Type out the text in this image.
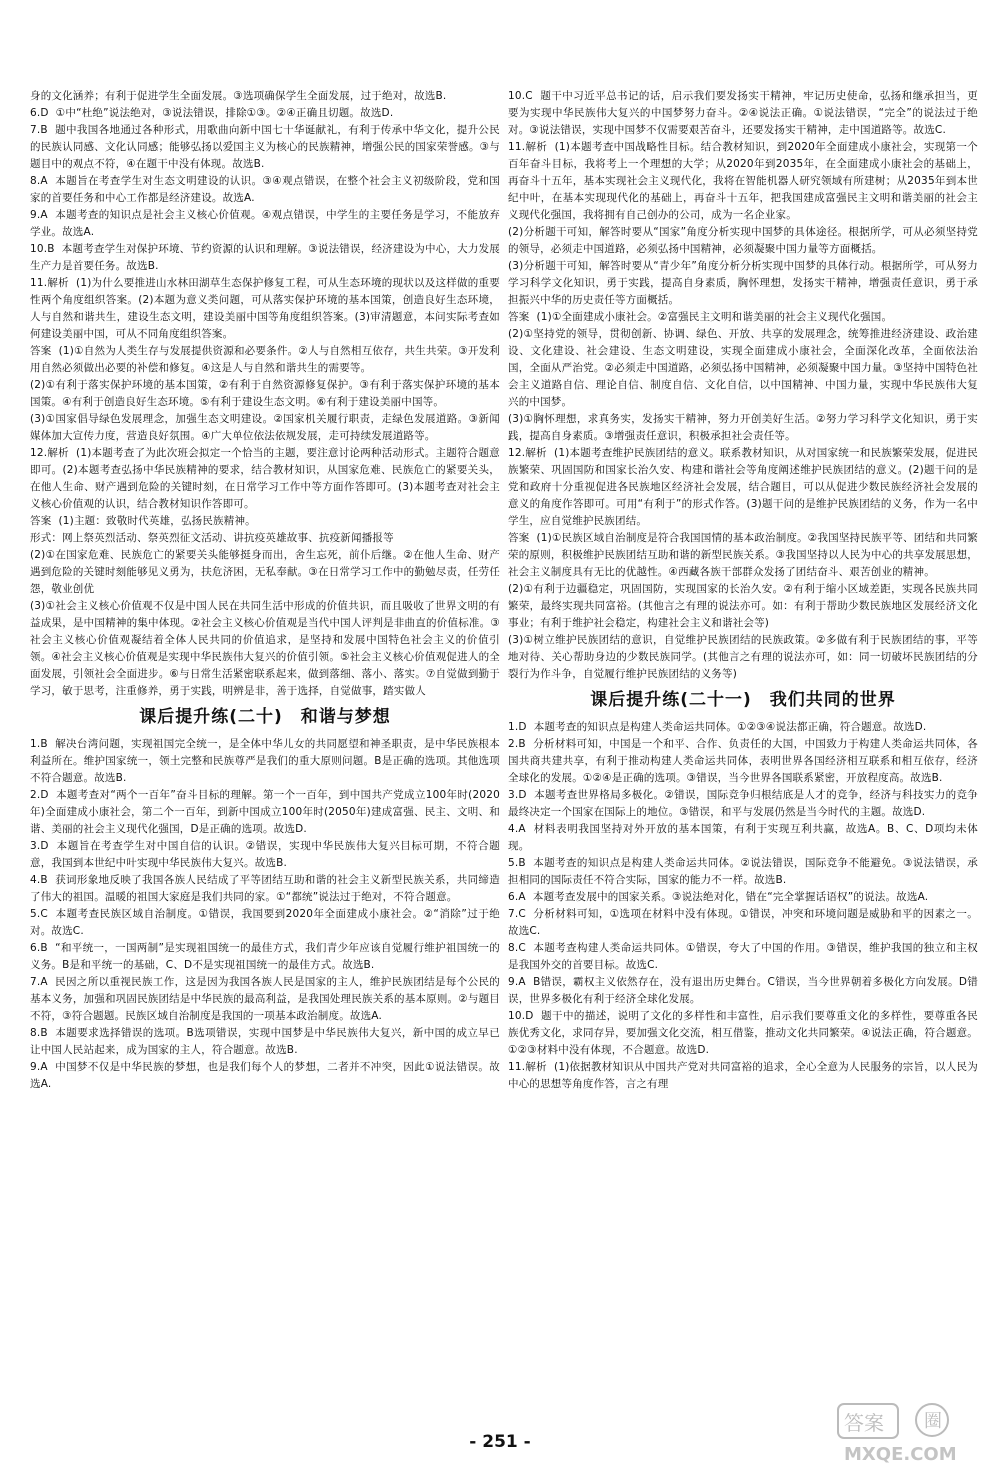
身的文化涵养；有利于促进学生全面发展。③选项确保学生全面发展，过于绝对，故选B.

6.D  ①中“杜绝”说法绝对，③说法错误，排除①③。②④正确且切题。故选D.

7.B  题中我国各地通过各种形式，用歌曲向新中国七十华诞献礼，有利于传承中华文化，提升公民的民族认同感、文化认同感；能够弘扬以爱国主义为核心的民族精神，增强公民的国家荣誉感。③与题目中的观点不符，④在题干中没有体现。故选B.

8.A  本题旨在考查学生对生态文明建设的认识。③④观点错误，在整个社会主义初级阶段，党和国家的首要任务和中心工作都是经济建设。故选A.

9.A  本题考查的知识点是社会主义核心价值观。④观点错误，中学生的主要任务是学习，不能放弃学业。故选A.

10.B  本题考查学生对保护环境、节约资源的认识和理解。③说法错误，经济建设为中心，大力发展生产力是首要任务。故选B.

11.解析  (1)为什么要推进山水林田湖草生态保护修复工程，可从生态环境的现状以及这样做的重要性两个角度组织答案。(2)本题为意义类问题，可从落实保护环境的基本国策，创造良好生态环境，人与自然和谐共生，建设生态文明，建设美丽中国等角度组织答案。(3)审清题意，本问实际考查如何建设美丽中国，可从不同角度组织答案。

答案  (1)①自然为人类生存与发展提供资源和必要条件。②人与自然相互依存，共生共荣。③开发利用自然必须做出必要的补偿和修复。④这是人与自然和谐共生的需要等。

(2)①有利于落实保护环境的基本国策，②有利于自然资源修复保护。③有利于落实保护环境的基本国策。④有利于创造良好生态环境。⑤有利于建设生态文明。⑥有利于建设美丽中国等。

(3)①国家倡导绿色发展理念，加强生态文明建设。②国家机关履行职责，走绿色发展道路。③新闻媒体加大宣传力度，营造良好氛围。④广大单位依法依规发展，走可持续发展道路等。

12.解析  (1)本题考查了为此次班会拟定一个恰当的主题，要注意讨论两种活动形式。主题符合题意即可。(2)本题考查弘扬中华民族精神的要求，结合教材知识，从国家危难、民族危亡的紧要关头，在他人生命、财产遇到危险的关键时刻，在日常学习工作中等方面作答即可。(3)本题考查对社会主义核心价值观的认识，结合教材知识作答即可。

答案  (1)主题：致敬时代英雄，弘扬民族精神。

形式：网上祭英烈活动、祭英烈征文活动、讲抗疫英雄故事、抗疫新闻播报等

(2)①在国家危难、民族危亡的紧要关头能够挺身而出，舍生忘死，前仆后继。②在他人生命、财产遇到危险的关键时刻能够见义勇为，扶危济困，无私奉献。③在日常学习工作中的勤勉尽责，任劳任怨，敬业创优

(3)①社会主义核心价值观不仅是中国人民在共同生活中形成的价值共识，而且吸收了世界文明的有益成果，是中国精神的集中体现。②社会主义核心价值观是当代中国人评判是非曲直的价值标准。③社会主义核心价值观凝结着全体人民共同的价值追求，是坚持和发展中国特色社会主义的价值引领。④社会主义核心价值观是实现中华民族伟大复兴的价值引领。⑤社会主义核心价值观促进人的全面发展，引领社会全面进步。⑥与日常生活紧密联系起来，做到落细、落小、落实。⑦自觉做到勤于学习，敏于思考，注重修养，勇于实践，明辨是非，善于选择，自觉做事，踏实做人

课后提升练(二十)　和谐与梦想

1.B  解决台湾问题，实现祖国完全统一，是全体中华儿女的共同愿望和神圣职责，是中华民族根本利益所在。维护国家统一，领土完整和民族尊严是我们的重大原则问题。B是正确的选项。其他选项不符合题意。故选B.

2.D  本题考查对“两个一百年”奋斗目标的理解。第一个一百年，到中国共产党成立100年时(2020年)全面建成小康社会，第二个一百年，到新中国成立100年时(2050年)建成富强、民主、文明、和谐、美丽的社会主义现代化强国，D是正确的选项。故选D.

3.D  本题旨在考查学生对中国自信的认识。②错误，实现中华民族伟大复兴目标可期，不符合题意，我国到本世纪中叶实现中华民族伟大复兴。故选B.

4.B  获词形象地反映了我国各族人民结成了平等团结互助和谐的社会主义新型民族关系，共同缔造了伟大的祖国。温暖的祖国大家庭是我们共同的家。①“都统”说法过于绝对，不符合题意。

5.C  本题考查民族区域自治制度。①错误，我国要到2020年全面建成小康社会。②“消除”过于绝对。故选C.

6.B  “和平统一，一国两制”是实现祖国统一的最佳方式，我们青少年应该自觉履行维护祖国统一的义务。B是和平统一的基础，C、D不是实现祖国统一的最佳方式。故选B.

7.A  民因之所以重视民族工作，这是因为我国各族人民是国家的主人，维护民族团结是每个公民的基本义务，加强和巩固民族团结是中华民族的最高利益，是我国处理民族关系的基本原则。②与题目不符，③符合题题。民族区域自治制度是我国的一项基本政治制度。故选A.

8.B  本题要求选择错误的选项。B选项错误，实现中国梦是中华民族伟大复兴，新中国的成立早已让中国人民站起来，成为国家的主人，符合题意。故选B.

9.A  中国梦不仅是中华民族的梦想，也是我们每个人的梦想，二者并不冲突，因此①说法错误。故选A.

10.C  题干中习近平总书记的话，启示我们要发扬实干精神，牢记历史使命，弘扬和继承担当，更要为实现中华民族伟大复兴的中国梦努力奋斗。②④说法正确。①说法错误，“完全”的说法过于绝对。③说法错误，实现中国梦不仅需要艰苦奋斗，还要发扬实干精神，走中国道路等。故选C.

11.解析  (1)本题考查中国战略性目标。结合教材知识，到2020年全面建成小康社会，实现第一个百年奋斗目标，我将考上一个理想的大学；从2020年到2035年，在全面建成小康社会的基础上，再奋斗十五年，基本实现社会主义现代化，我将在智能机器人研究领域有所建树；从2035年到本世纪中叶，在基本实现现代化的基础上，再奋斗十五年，把我国建成富强民主文明和谐美丽的社会主义现代化强国，我将拥有自己创办的公司，成为一名企业家。

(2)分析题干可知，解答时要从“国家”角度分析实现中国梦的具体途径。根据所学，可从必须坚持党的领导，必须走中国道路，必须弘扬中国精神，必须凝聚中国力量等方面概括。

(3)分析题干可知，解答时要从“青少年”角度分析分析实现中国梦的具体行动。根据所学，可从努力学习科学文化知识，勇于实践，提高自身素质，胸怀理想，发扬实干精神，增强责任意识，勇于承担振兴中华的历史责任等方面概括。

答案  (1)①全面建成小康社会。②富强民主文明和谐美丽的社会主义现代化强国。

(2)①坚持党的领导，贯彻创新、协调、绿色、开放、共享的发展理念，统筹推进经济建设、政治建设、文化建设、社会建设、生态文明建设，实现全面建成小康社会，全面深化改革，全面依法治国，全面从严治党。②必须走中国道路，必须弘扬中国精神，必须凝聚中国力量。③坚持中国特色社会主义道路自信、理论自信、制度自信、文化自信，以中国精神、中国力量，实现中华民族伟大复兴的中国梦。

(3)①胸怀理想，求真务实，发扬实干精神，努力开创美好生活。②努力学习科学文化知识，勇于实践，提高自身素质。③增强责任意识，积极承担社会责任等。

12.解析  (1)本题考查维护民族团结的意义。联系教材知识，从对国家统一和民族繁荣发展，促进民族繁荣、巩固国防和国家长治久安、构建和谐社会等角度阐述维护民族团结的意义。(2)题干问的是党和政府十分重视促进各民族地区经济社会发展，结合题目，可以从促进少数民族经济社会发展的意义的角度作答即可。可用“有利于”的形式作答。(3)题干问的是维护民族团结的义务，作为一名中学生，应自觉维护民族团结。

答案  (1)①民族区域自治制度是符合我国国情的基本政治制度。②我国坚持民族平等、团结和共同繁荣的原则，积极维护民族团结互助和谐的新型民族关系。③我国坚持以人民为中心的共享发展思想，社会主义制度具有无比的优越性。④西藏各族干部群众发扬了团结奋斗、艰苦创业的精神。

(2)①有利于边疆稳定，巩固国防，实现国家的长治久安。②有利于缩小区域差距，实现各民族共同繁荣，最终实现共同富裕。(其他言之有理的说法亦可。如：有利于帮助少数民族地区发展经济文化事业；有利于维护社会稳定，构建社会主义和谐社会等)

(3)①树立维护民族团结的意识，自觉维护民族团结的民族政策。②多做有利于民族团结的事，平等地对待、关心帮助身边的少数民族同学。(其他言之有理的说法亦可，如：同一切破坏民族团结的分裂行为作斗争，自觉履行维护民族团结的义务等)

课后提升练(二十一)　我们共同的世界

1.D  本题考查的知识点是构建人类命运共同体。①②③④说法都正确，符合题意。故选D.

2.B  分析材料可知，中国是一个和平、合作、负责任的大国，中国致力于构建人类命运共同体，各国共商共建共享，有利于推动构建人类命运共同体，表明世界各国经济相互联系和相互依存，经济全球化的发展。①②④是正确的选项。③错误，当今世界各国联系紧密，开放程度高。故选B.

3.D  本题考查世界格局多极化。②错误，国际竞争归根结底是人才的竞争，经济与科技实力的竞争最终决定一个国家在国际上的地位。③错误，和平与发展仍然是当今时代的主题。故选D.

4.A  材料表明我国坚持对外开放的基本国策，有利于实现互利共赢，故选A。B、C、D项均未体现。

5.B  本题考查的知识点是构建人类命运共同体。②说法错误，国际竞争不能避免。③说法错误，承担相同的国际责任不符合实际，国家的能力不一样。故选B.

6.A  本题考查发展中的国家关系。③说法绝对化，错在“完全掌握话语权”的说法。故选A.

7.C  分析材料可知，①选项在材料中没有体现。①错误，冲突和环境问题是威胁和平的因素之一。故选C.

8.C  本题考查构建人类命运共同体。①错误，夸大了中国的作用。③错误，维护我国的独立和主权是我国外交的首要目标。故选C.

9.A  B错误，霸权主义依然存在，没有退出历史舞台。C错误，当今世界朝着多极化方向发展。D错误，世界多极化有利于经济全球化发展。

10.D  题干中的描述，说明了文化的多样性和丰富性，启示我们要尊重文化的多样性，要尊重各民族优秀文化，求同存异，要加强文化交流，相互借鉴，推动文化共同繁荣。④说法正确，符合题意。①②③材料中没有体现，不合题意。故选D.

11.解析  (1)依据教材知识从中国共产党对共同富裕的追求，全心全意为人民服务的宗旨，以人民为中心的思想等角度作答，言之有理

- 251 -
答案 圈
MXQE.COM
